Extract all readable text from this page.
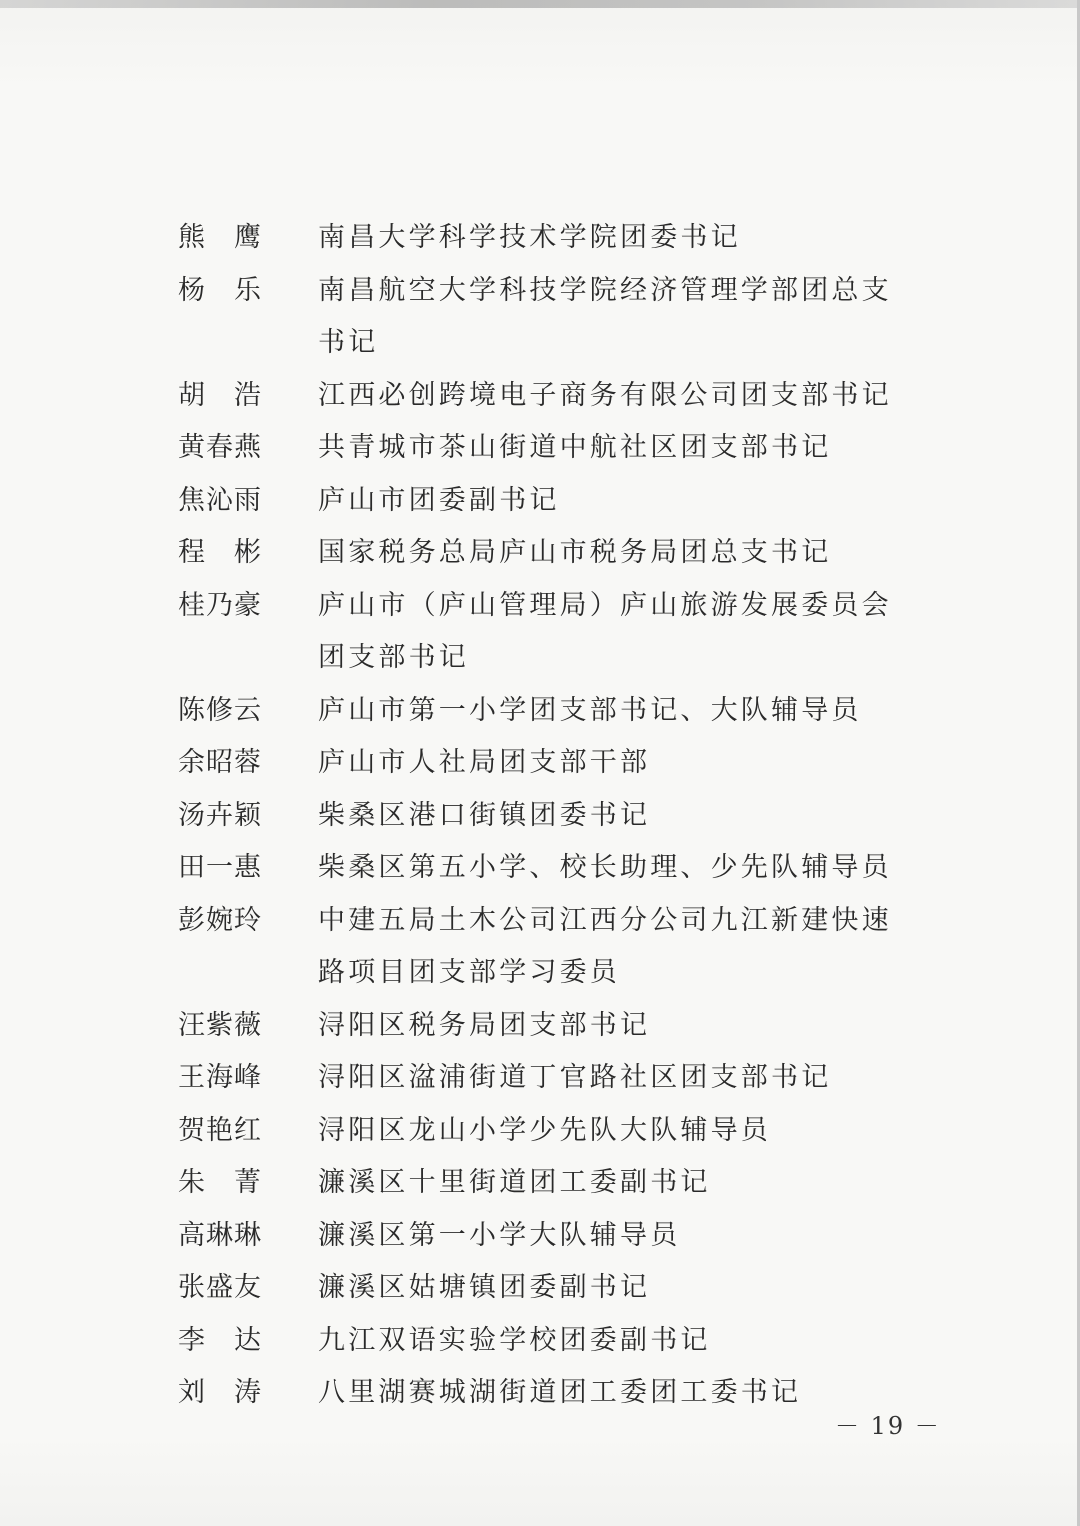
熊　鹰 南昌大学科学技术学院团委书记
杨　乐 南昌航空大学科技学院经济管理学部团总支书记
胡　浩 江西必创跨境电子商务有限公司团支部书记
黄春燕 共青城市茶山街道中航社区团支部书记
焦沁雨 庐山市团委副书记
程　彬 国家税务总局庐山市税务局团总支书记
桂乃豪 庐山市（庐山管理局）庐山旅游发展委员会团支部书记
陈修云 庐山市第一小学团支部书记、大队辅导员
余昭蓉 庐山市人社局团支部干部
汤卉颖 柴桑区港口街镇团委书记
田一惠 柴桑区第五小学、校长助理、少先队辅导员
彭婉玲 中建五局土木公司江西分公司九江新建快速路项目团支部学习委员
汪紫薇 浔阳区税务局团支部书记
王海峰 浔阳区湓浦街道丁官路社区团支部书记
贺艳红 浔阳区龙山小学少先队大队辅导员
朱　菁 濂溪区十里街道团工委副书记
高琳琳 濂溪区第一小学大队辅导员
张盛友 濂溪区姑塘镇团委副书记
李　达 九江双语实验学校团委副书记
刘　涛 八里湖赛城湖街道团工委团工委书记
－ 19 －
